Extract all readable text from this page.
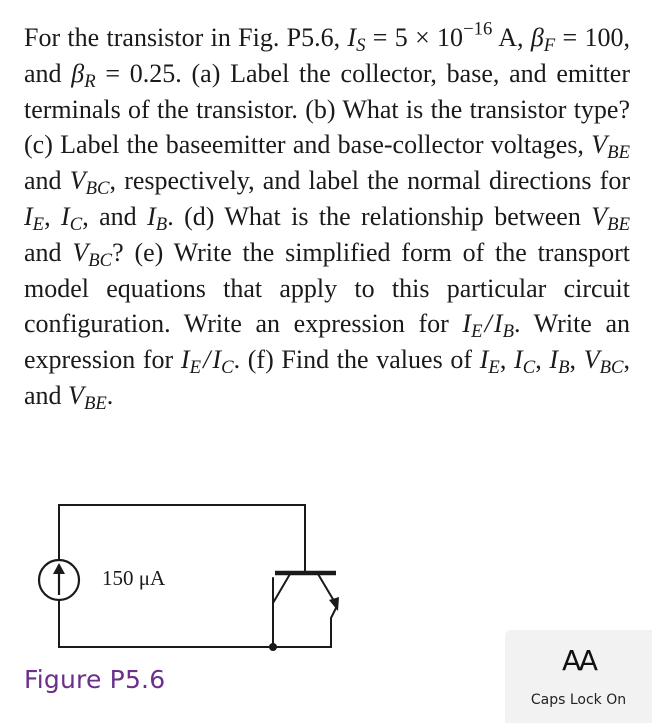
For the transistor in Fig. P5.6, $I_S = 5 \times 10^{-16}$ A, $\beta_F = 100$, and $\beta_R = 0.25$. (a) Label the collector, base, and emitter terminals of the transistor. (b) What is the transistor type? (c) Label the baseemitter and base-collector voltages, $V_{BE}$ and $V_{BC}$, respectively, and label the normal directions for $I_E$, $I_C$, and $I_B$. (d) What is the relationship between $V_{BE}$ and $V_{BC}$? (e) Write the simplified form of the transport model equations that apply to this particular circuit configuration. Write an expression for $I_E/I_B$. Write an expression for $I_E/I_C$. (f) Find the values of $I_E$, $I_C$, $I_B$, $V_{BC}$, and $V_{BE}$.
150 μA
Figure P5.6
AA
Caps Lock On
